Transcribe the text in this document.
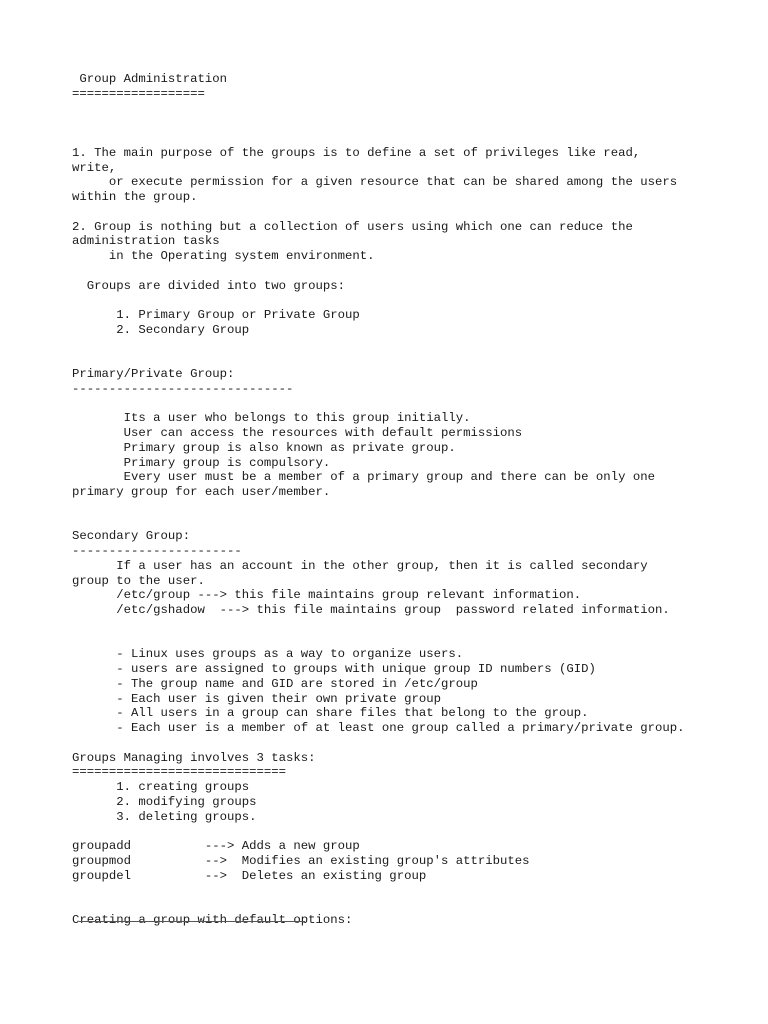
Group Administration
==================

1. The main purpose of the groups is to define a set of privileges like read,
write,
or execute permission for a given resource that can be shared among the users
within the group.

2. Group is nothing but a collection of users using which one can reduce the
administration tasks
in the Operating system environment.

Groups are divided into two groups:

1. Primary Group or Private Group
2. Secondary Group

Primary/Private Group:
------------------------------

Its a user who belongs to this group initially.
User can access the resources with default permissions
Primary group is also known as private group.
Primary group is compulsory.
Every user must be a member of a primary group and there can be only one
primary group for each user/member.

Secondary Group:
-----------------------
If a user has an account in the other group, then it is called secondary
group to the user.
/etc/group ---> this file maintains group relevant information.
/etc/gshadow  ---> this file maintains group  password related information.

- Linux uses groups as a way to organize users.
- users are assigned to groups with unique group ID numbers (GID)
- The group name and GID are stored in /etc/group
- Each user is given their own private group
- All users in a group can share files that belong to the group.
- Each user is a member of at least one group called a primary/private group.

Groups Managing involves 3 tasks:
=============================
1. creating groups
2. modifying groups
3. deleting groups.

groupadd          ---> Adds a new group
groupmod          -->  Modifies an existing group's attributes
groupdel          -->  Deletes an existing group

Creating a group with default options:
